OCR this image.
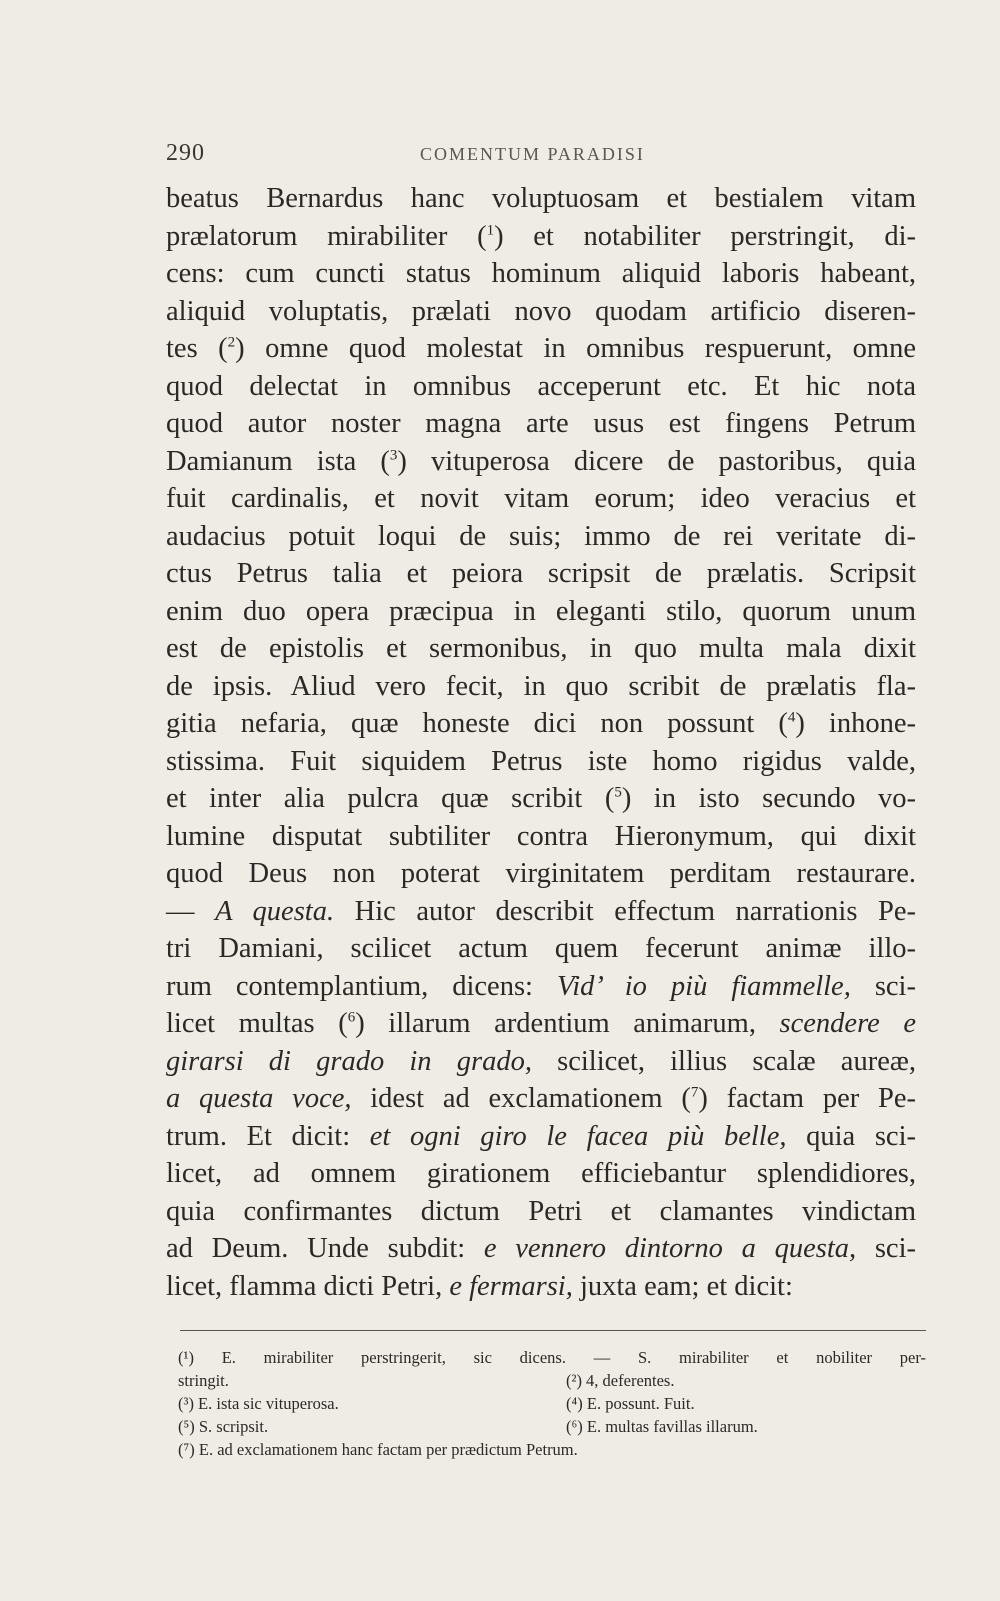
290	COMENTUM PARADISI
beatus Bernardus hanc voluptuosam et bestialem vitam
prælatorum mirabiliter ($^1$) et notabiliter perstringit, di-
cens: cum cuncti status hominum aliquid laboris habeant,
aliquid voluptatis, prælati novo quodam artificio diseren-
tes ($^2$) omne quod molestat in omnibus respuerunt, omne
quod delectat in omnibus acceperunt etc. Et hic nota
quod autor noster magna arte usus est fingens Petrum
Damianum ista ($^3$) vituperosa dicere de pastoribus, quia
fuit cardinalis, et novit vitam eorum; ideo veracius et
audacius potuit loqui de suis; immo de rei veritate di-
ctus Petrus talia et peiora scripsit de prælatis. Scripsit
enim duo opera præcipua in eleganti stilo, quorum unum
est de epistolis et sermonibus, in quo multa mala dixit
de ipsis. Aliud vero fecit, in quo scribit de prælatis fla-
gitia nefaria, quæ honeste dici non possunt ($^4$) inhone-
stissima. Fuit siquidem Petrus iste homo rigidus valde,
et inter alia pulcra quæ scribit ($^5$) in isto secundo vo-
lumine disputat subtiliter contra Hieronymum, qui dixit
quod Deus non poterat virginitatem perditam restaurare.
— A questa. Hic autor describit effectum narrationis Pe-
tri Damiani, scilicet actum quem fecerunt animæ illo-
rum contemplantium, dicens: Vid’ io più fiammelle, sci-
licet multas ($^6$) illarum ardentium animarum, scendere e
girarsi di grado in grado, scilicet, illius scalæ aureæ,
a questa voce, idest ad exclamationem ($^7$) factam per Pe-
trum. Et dicit: et ogni giro le facea più belle, quia sci-
licet, ad omnem girationem efficiebantur splendidiores,
quia confirmantes dictum Petri et clamantes vindictam
ad Deum. Unde subdit: e vennero dintorno a questa, sci-
licet, flamma dicti Petri, e fermarsi, juxta eam; et dicit:
(¹) E. mirabiliter perstringerit, sic dicens. — S. mirabiliter et nobiliter per-
stringit.	(²) 4, deferentes.
(³) E. ista sic vituperosa.	(⁴) E. possunt. Fuit.
(⁵) S. scripsit.	(⁶) E. multas favillas illarum.
(⁷) E. ad exclamationem hanc factam per prædictum Petrum.
